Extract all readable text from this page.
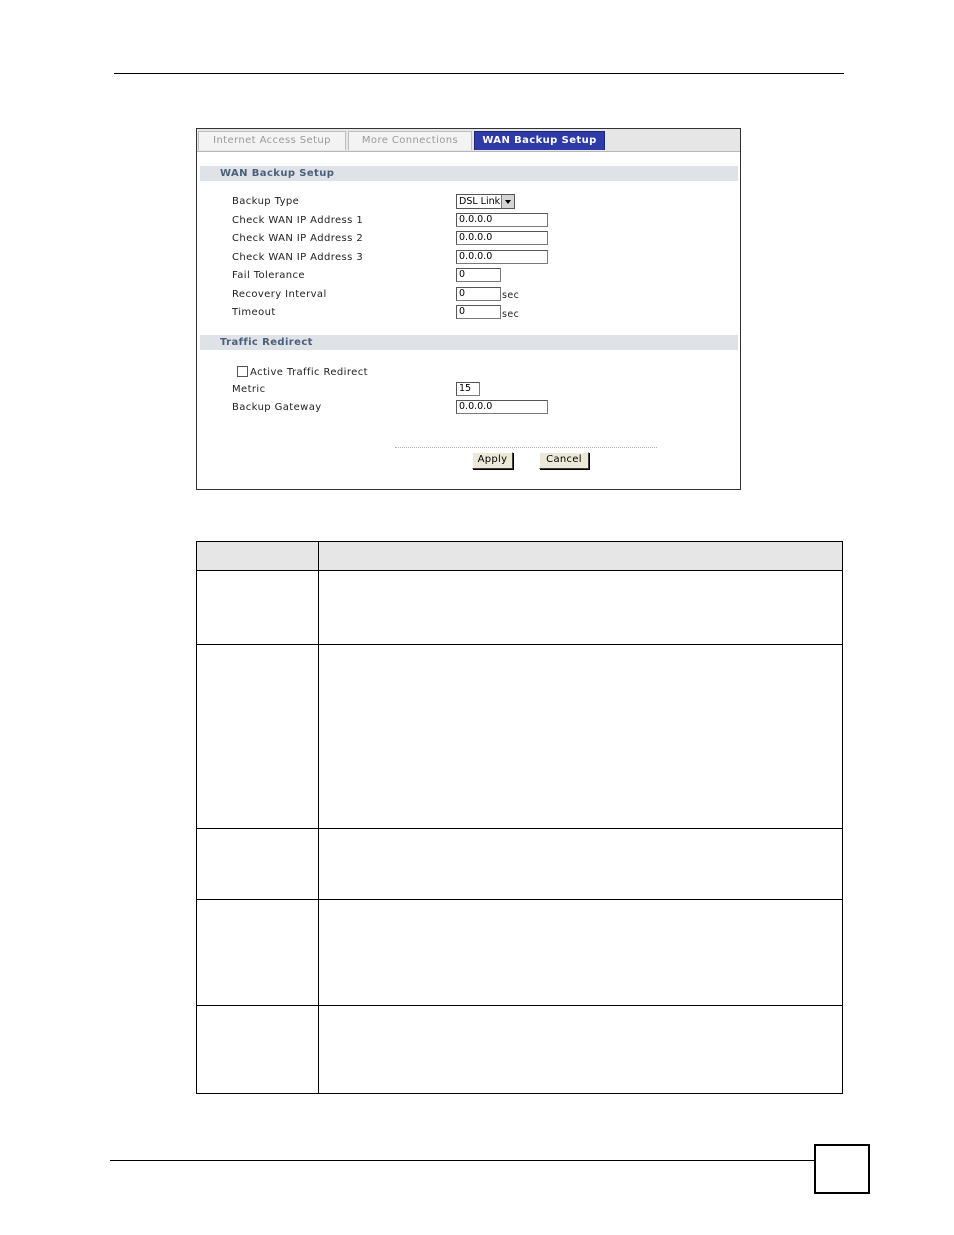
Internet Access Setup	More Connections	WAN Backup Setup
WAN Backup Setup
Backup Type	DSL Link
Check WAN IP Address 1	0.0.0.0
Check WAN IP Address 2	0.0.0.0
Check WAN IP Address 3	0.0.0.0
Fail Tolerance	0
Recovery Interval	0	sec
Timeout	0	sec
Traffic Redirect
Active Traffic Redirect
Metric	15
Backup Gateway	0.0.0.0
Apply	Cancel
